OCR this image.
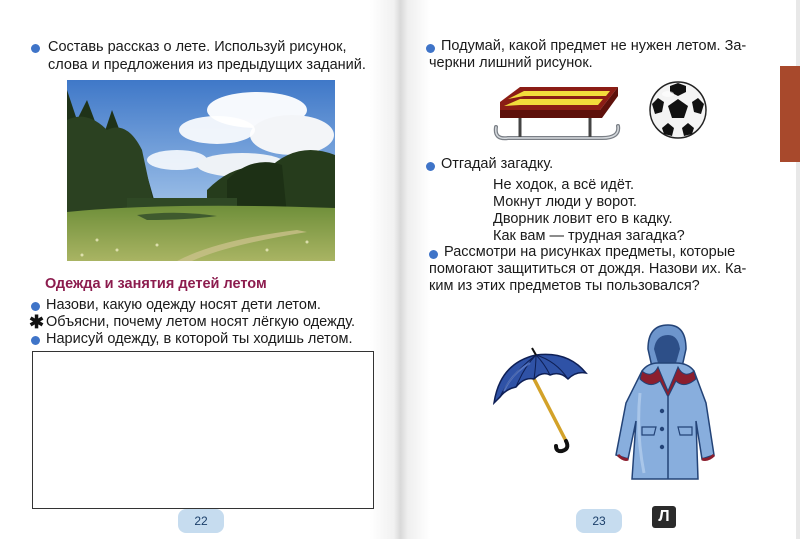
Составь рассказ о лете. Используй рисунок,
слова и предложения из предыдущих заданий.
Одежда и занятия детей летом
Назови, какую одежду носят дети летом.
✱ Объясни, почему летом носят лёгкую одежду.
Нарисуй одежду, в которой ты ходишь летом.
22
Подумай, какой предмет не нужен летом. За-
черкни лишний рисунок.
Отгадай загадку.
Не ходок, а всё идёт.
Мокнут люди у ворот.
Дворник ловит его в кадку.
Как вам — трудная загадка?
Рассмотри на рисунках предметы, которые
помогают защититься от дождя. Назови их. Ка-
ким из этих предметов ты пользовался?
23	Л
